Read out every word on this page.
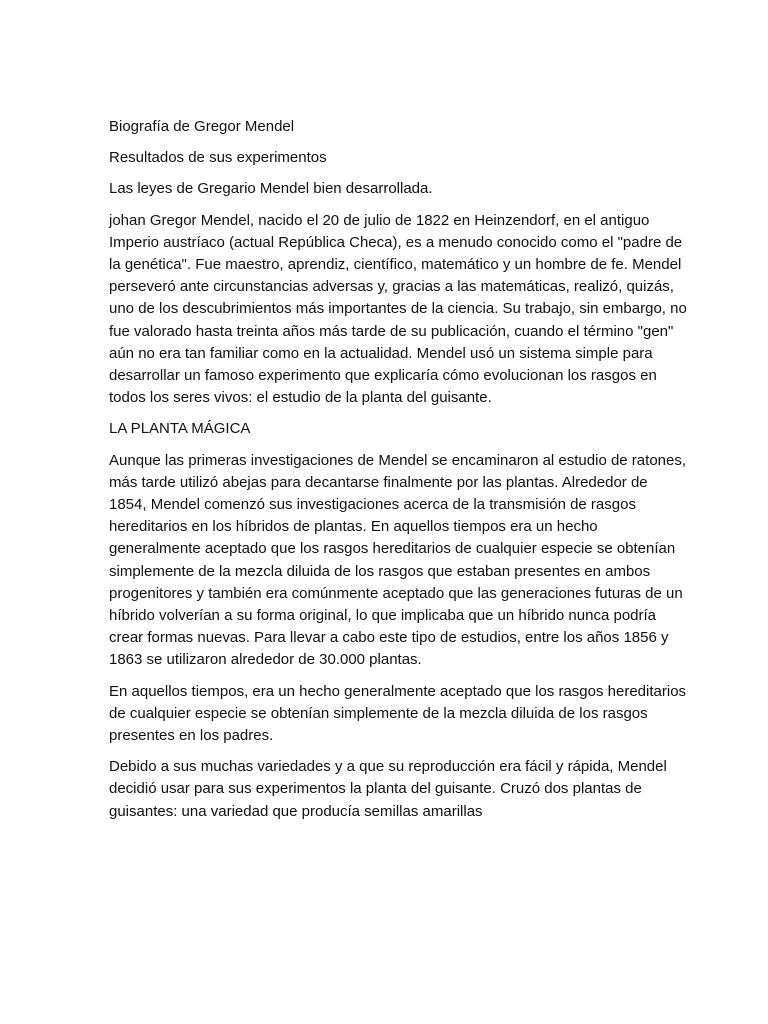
Biografía de Gregor Mendel

Resultados de sus experimentos

Las leyes de Gregario Mendel bien desarrollada.

johan Gregor Mendel, nacido el 20 de julio de 1822 en Heinzendorf, en el antiguo Imperio austríaco (actual República Checa), es a menudo conocido como el "padre de la genética". Fue maestro, aprendiz, científico, matemático y un hombre de fe. Mendel perseveró ante circunstancias adversas y, gracias a las matemáticas, realizó, quizás, uno de los descubrimientos más importantes de la ciencia. Su trabajo, sin embargo, no fue valorado hasta treinta años más tarde de su publicación, cuando el término "gen" aún no era tan familiar como en la actualidad. Mendel usó un sistema simple para desarrollar un famoso experimento que explicaría cómo evolucionan los rasgos en todos los seres vivos: el estudio de la planta del guisante.

LA PLANTA MÁGICA

Aunque las primeras investigaciones de Mendel se encaminaron al estudio de ratones, más tarde utilizó abejas para decantarse finalmente por las plantas. Alrededor de 1854, Mendel comenzó sus investigaciones acerca de la transmisión de rasgos hereditarios en los híbridos de plantas. En aquellos tiempos era un hecho generalmente aceptado que los rasgos hereditarios de cualquier especie se obtenían simplemente de la mezcla diluida de los rasgos que estaban presentes en ambos progenitores y también era comúnmente aceptado que las generaciones futuras de un híbrido volverían a su forma original, lo que implicaba que un híbrido nunca podría crear formas nuevas. Para llevar a cabo este tipo de estudios, entre los años 1856 y 1863 se utilizaron alrededor de 30.000 plantas.

En aquellos tiempos, era un hecho generalmente aceptado que los rasgos hereditarios de cualquier especie se obtenían simplemente de la mezcla diluida de los rasgos presentes en los padres.

Debido a sus muchas variedades y a que su reproducción era fácil y rápida, Mendel decidió usar para sus experimentos la planta del guisante. Cruzó dos plantas de guisantes: una variedad que producía semillas amarillas
